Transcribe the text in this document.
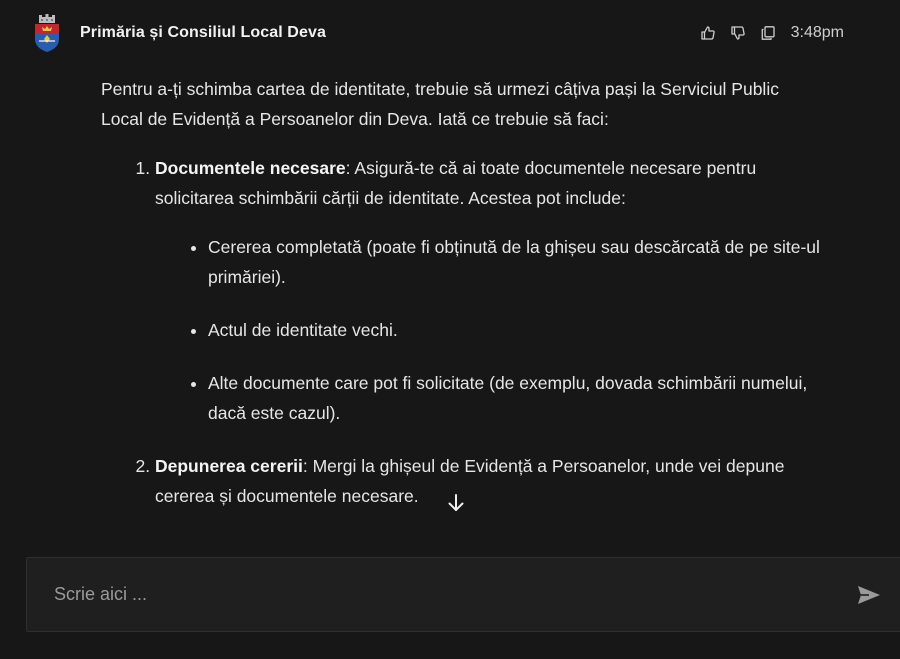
Primăria și Consiliul Local Deva	3:48pm

Pentru a-ți schimba cartea de identitate, trebuie să urmezi câțiva pași la Serviciul Public Local de Evidență a Persoanelor din Deva. Iată ce trebuie să faci:

1. Documentele necesare: Asigură-te că ai toate documentele necesare pentru solicitarea schimbării cărții de identitate. Acestea pot include:
• Cererea completată (poate fi obținută de la ghișeu sau descărcată de pe site-ul primăriei).
• Actul de identitate vechi.
• Alte documente care pot fi solicitate (de exemplu, dovada schimbării numelui, dacă este cazul).
2. Depunerea cererii: Mergi la ghișeul de Evidență a Persoanelor, unde vei depune cererea și documentele necesare.
Scrie aici ...
